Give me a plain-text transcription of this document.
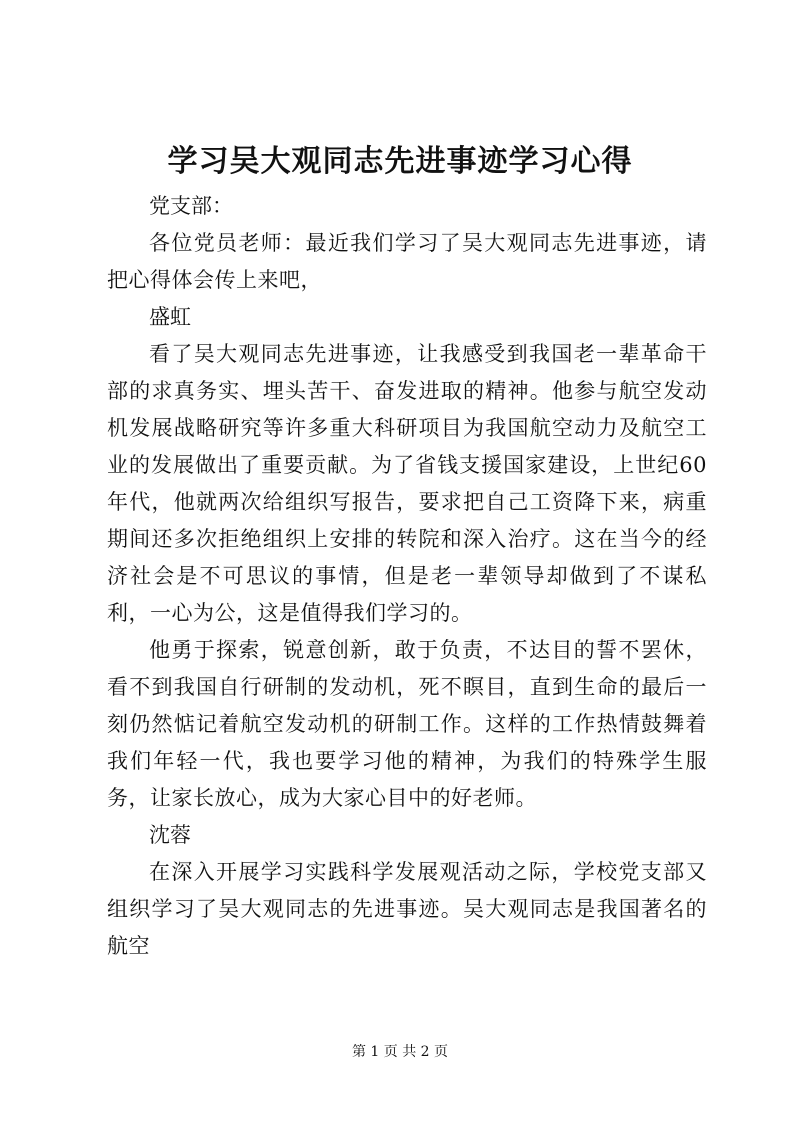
学习吴大观同志先进事迹学习心得

党支部：

各位党员老师：最近我们学习了吴大观同志先进事迹，请把心得体会传上来吧，

盛虹

看了吴大观同志先进事迹，让我感受到我国老一辈革命干部的求真务实、埋头苦干、奋发进取的精神。他参与航空发动机发展战略研究等许多重大科研项目为我国航空动力及航空工业的发展做出了重要贡献。为了省钱支援国家建设，上世纪60年代，他就两次给组织写报告，要求把自己工资降下来，病重期间还多次拒绝组织上安排的转院和深入治疗。这在当今的经济社会是不可思议的事情，但是老一辈领导却做到了不谋私利，一心为公，这是值得我们学习的。

他勇于探索，锐意创新，敢于负责，不达目的誓不罢休，看不到我国自行研制的发动机，死不瞑目，直到生命的最后一刻仍然惦记着航空发动机的研制工作。这样的工作热情鼓舞着我们年轻一代，我也要学习他的精神，为我们的特殊学生服务，让家长放心，成为大家心目中的好老师。

沈蓉

在深入开展学习实践科学发展观活动之际，学校党支部又组织学习了吴大观同志的先进事迹。吴大观同志是我国著名的航空

第 1 页 共 2 页
